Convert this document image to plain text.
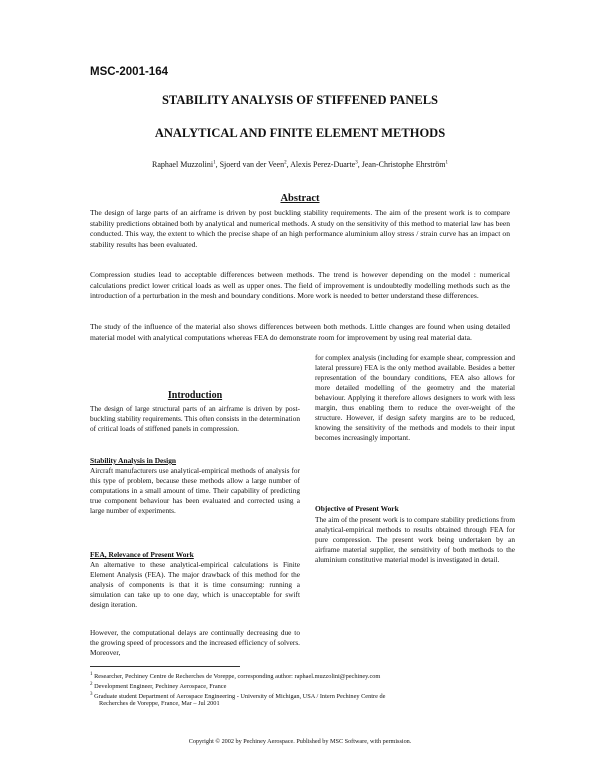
MSC-2001-164
STABILITY ANALYSIS OF STIFFENED PANELS
ANALYTICAL AND FINITE ELEMENT METHODS
Raphael Muzzolini$^1$, Sjoerd van der Veen$^2$, Alexis Perez-Duarte$^3$, Jean-Christophe Ehrström$^1$
Abstract
The design of large parts of an airframe is driven by post buckling stability requirements. The aim of the present work is to compare stability predictions obtained both by analytical and numerical methods. A study on the sensitivity of this method to material law has been conducted. This way, the extent to which the precise shape of an high performance aluminium alloy stress / strain curve has an impact on stability results has been evaluated.
Compression studies lead to acceptable differences between methods. The trend is however depending on the model : numerical calculations predict lower critical loads as well as upper ones. The field of improvement is undoubtedly modelling methods such as the introduction of a perturbation in the mesh and boundary conditions. More work is needed to better understand these differences.
The study of the influence of the material also shows differences between both methods. Little changes are found when using detailed material model with analytical computations whereas FEA do demonstrate room for improvement by using real material data.
Introduction
The design of large structural parts of an airframe is driven by post-buckling stability requirements. This often consists in the determination of critical loads of stiffened panels in compression.
Stability Analysis in Design
Aircraft manufacturers use analytical-empirical methods of analysis for this type of problem, because these methods allow a large number of computations in a small amount of time. Their capability of predicting true component behaviour has been evaluated and corrected using a large number of experiments.
FEA, Relevance of Present Work
An alternative to these analytical-empirical calculations is Finite Element Analysis (FEA). The major drawback of this method for the analysis of components is that it is time consuming: running a simulation can take up to one day, which is unacceptable for swift design iteration.
However, the computational delays are continually decreasing due to the growing speed of processors and the increased efficiency of solvers. Moreover,
for complex analysis (including for example shear, compression and lateral pressure) FEA is the only method available. Besides a better representation of the boundary conditions, FEA also allows for more detailed modelling of the geometry and the material behaviour. Applying it therefore allows designers to work with less margin, thus enabling them to reduce the over-weight of the structure. However, if design safety margins are to be reduced, knowing the sensitivity of the methods and models to their input becomes increasingly important.
Objective of Present Work
The aim of the present work is to compare stability predictions from analytical-empirical methods to results obtained through FEA for pure compression. The present work being undertaken by an airframe material supplier, the sensitivity of both methods to the aluminium constitutive material model is investigated in detail.
$^1$ Researcher, Pechiney Centre de Recherches de Voreppe, corresponding author: raphael.muzzolini@pechiney.com
$^2$ Development Engineer, Pechiney Aerospace, France
$^3$ Graduate student Department of Aerospace Engineering - University of Michigan, USA / Intern Pechiney Centre de
Recherches de Voreppe, France, Mar – Jul 2001
Copyright © 2002 by Pechiney Aerospace. Published by MSC Software, with permission.
